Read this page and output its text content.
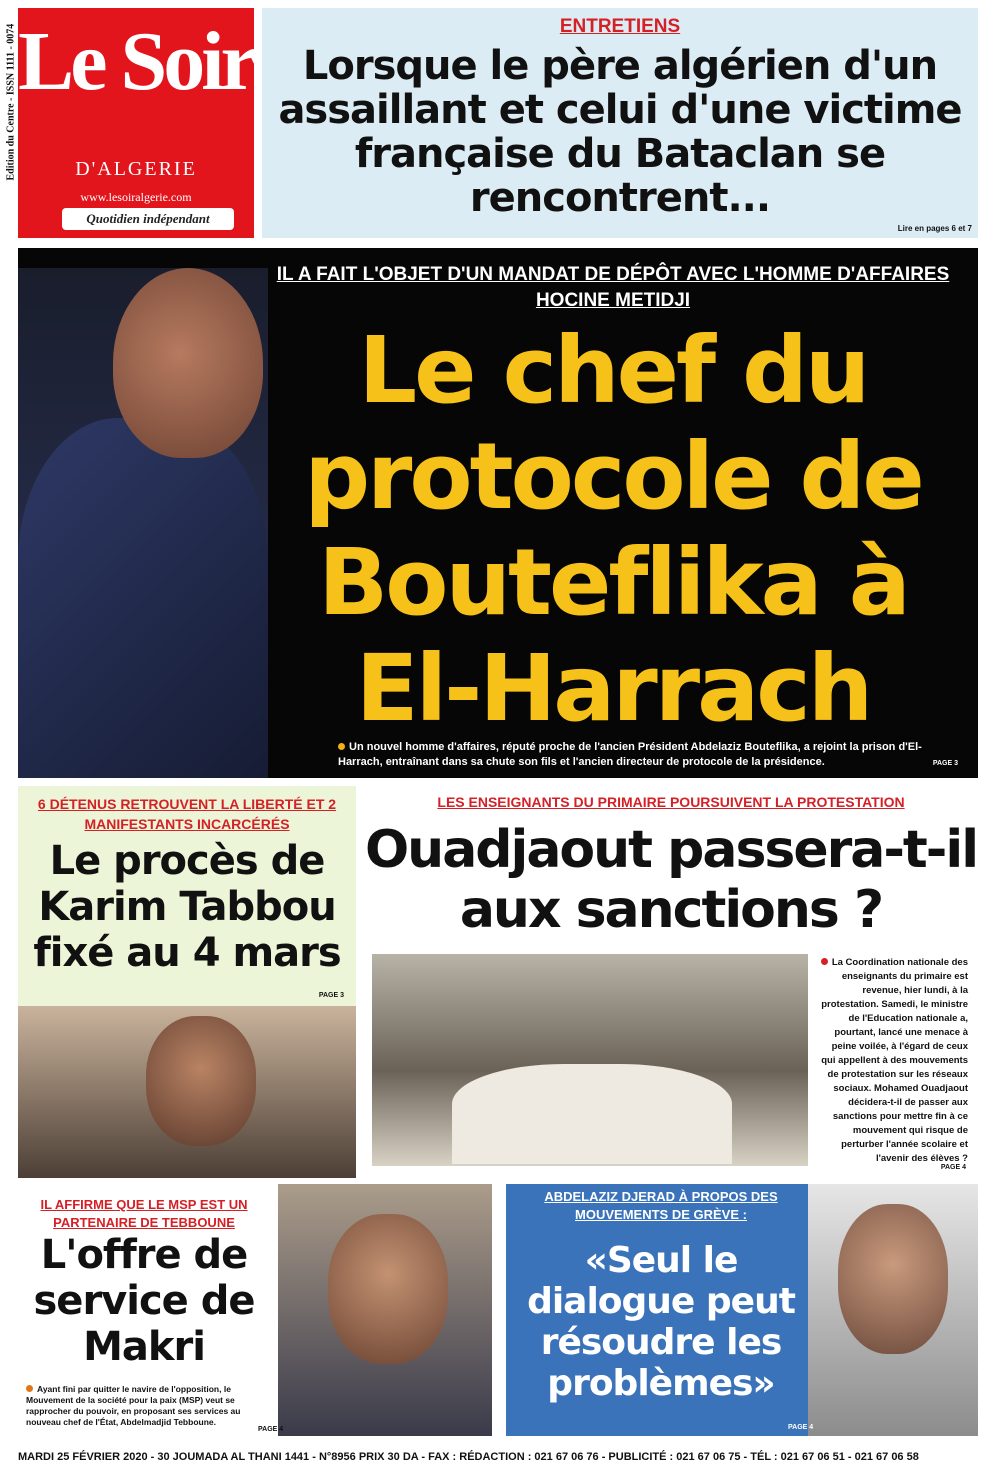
Edition du Centre - ISSN 1111 - 0074 Le Soir
D'ALGERIE
www.lesoiralgerie.com
Quotidien indépendant
ENTRETIENS
Lorsque le père algérien d'un assaillant et celui d'une victime française du Bataclan se rencontrent...
Lire en pages 6 et 7
IL A FAIT L'OBJET D'UN MANDAT DE DÉPÔT AVEC L'HOMME D'AFFAIRES HOCINE METIDJI
Le chef du protocole de Bouteflika à El-Harrach
Un nouvel homme d'affaires, réputé proche de l'ancien Président Abdelaziz Bouteflika, a rejoint la prison d'El-Harrach, entraînant dans sa chute son fils et l'ancien directeur de protocole de la présidence.	PAGE 3
6 DÉTENUS RETROUVENT LA LIBERTÉ ET 2 MANIFESTANTS INCARCÉRÉS
Le procès de Karim Tabbou fixé au 4 mars
PAGE 3
LES ENSEIGNANTS DU PRIMAIRE POURSUIVENT LA PROTESTATION
Ouadjaout passera-t-il aux sanctions ?
La Coordination nationale des enseignants du primaire est revenue, hier lundi, à la protestation. Samedi, le ministre de l'Education nationale a, pourtant, lancé une menace à peine voilée, à l'égard de ceux qui appellent à des mouvements de protestation sur les réseaux sociaux. Mohamed Ouadjaout décidera-t-il de passer aux sanctions pour mettre fin à ce mouvement qui risque de perturber l'année scolaire et l'avenir des élèves ?
PAGE 4
IL AFFIRME QUE LE MSP EST UN PARTENAIRE DE TEBBOUNE
L'offre de service de Makri
Ayant fini par quitter le navire de l'opposition, le Mouvement de la société pour la paix (MSP) veut se rapprocher du pouvoir, en proposant ses services au nouveau chef de l'État, Abdelmadjid Tebboune.
PAGE 4
ABDELAZIZ DJERAD À PROPOS DES MOUVEMENTS DE GRÈVE :
«Seul le dialogue peut résoudre les problèmes»
PAGE 4
MARDI 25 FÉVRIER 2020 - 30 JOUMADA AL THANI 1441 - N°8956 PRIX 30 DA - FAX : RÉDACTION : 021 67 06 76 - PUBLICITÉ : 021 67 06 75 - TÉL : 021 67 06 51 - 021 67 06 58
